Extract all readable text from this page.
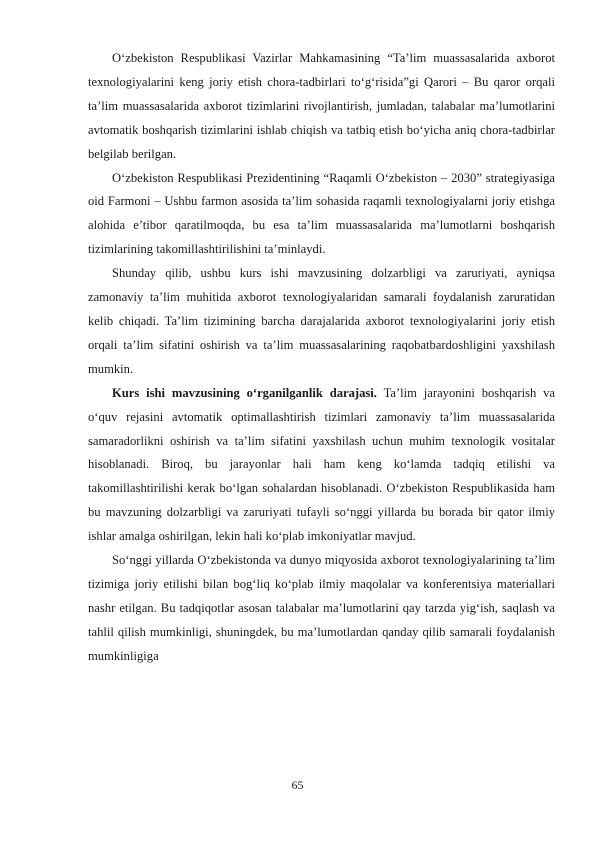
O‘zbekiston Respublikasi Vazirlar Mahkamasining “Ta’lim muassasalarida axborot texnologiyalarini keng joriy etish chora-tadbirlari to‘g‘risida”gi Qarori – Bu qaror orqali ta’lim muassasalarida axborot tizimlarini rivojlantirish, jumladan, talabalar ma’lumotlarini avtomatik boshqarish tizimlarini ishlab chiqish va tatbiq etish bo‘yicha aniq chora-tadbirlar belgilab berilgan.

O‘zbekiston Respublikasi Prezidentining “Raqamli O‘zbekiston – 2030” strategiyasiga oid Farmoni – Ushbu farmon asosida ta’lim sohasida raqamli texnologiyalarni joriy etishga alohida e’tibor qaratilmoqda, bu esa ta’lim muassasalarida ma’lumotlarni boshqarish tizimlarining takomillashtirilishini ta’minlaydi.

Shunday qilib, ushbu kurs ishi mavzusining dolzarbligi va zaruriyati, ayniqsa zamonaviy ta’lim muhitida axborot texnologiyalaridan samarali foydalanish zaruratidan kelib chiqadi. Ta’lim tizimining barcha darajalarida axborot texnologiyalarini joriy etish orqali ta’lim sifatini oshirish va ta’lim muassasalarining raqobatbardoshligini yaxshilash mumkin.

Kurs ishi mavzusining o‘rganilganlik darajasi. Ta’lim jarayonini boshqarish va o‘quv rejasini avtomatik optimallashtirish tizimlari zamonaviy ta’lim muassasalarida samaradorlikni oshirish va ta’lim sifatini yaxshilash uchun muhim texnologik vositalar hisoblanadi. Biroq, bu jarayonlar hali ham keng ko‘lamda tadqiq etilishi va takomillashtirilishi kerak bo‘lgan sohalardan hisoblanadi. O‘zbekiston Respublikasida ham bu mavzuning dolzarbligi va zaruriyati tufayli so‘nggi yillarda bu borada bir qator ilmiy ishlar amalga oshirilgan, lekin hali ko‘plab imkoniyatlar mavjud.

So‘nggi yillarda O‘zbekistonda va dunyo miqyosida axborot texnologiyalarining ta’lim tizimiga joriy etilishi bilan bog‘liq ko‘plab ilmiy maqolalar va konferentsiya materiallari nashr etilgan. Bu tadqiqotlar asosan talabalar ma’lumotlarini qay tarzda yig‘ish, saqlash va tahlil qilish mumkinligi, shuningdek, bu ma’lumotlardan qanday qilib samarali foydalanish mumkinligiga

65
